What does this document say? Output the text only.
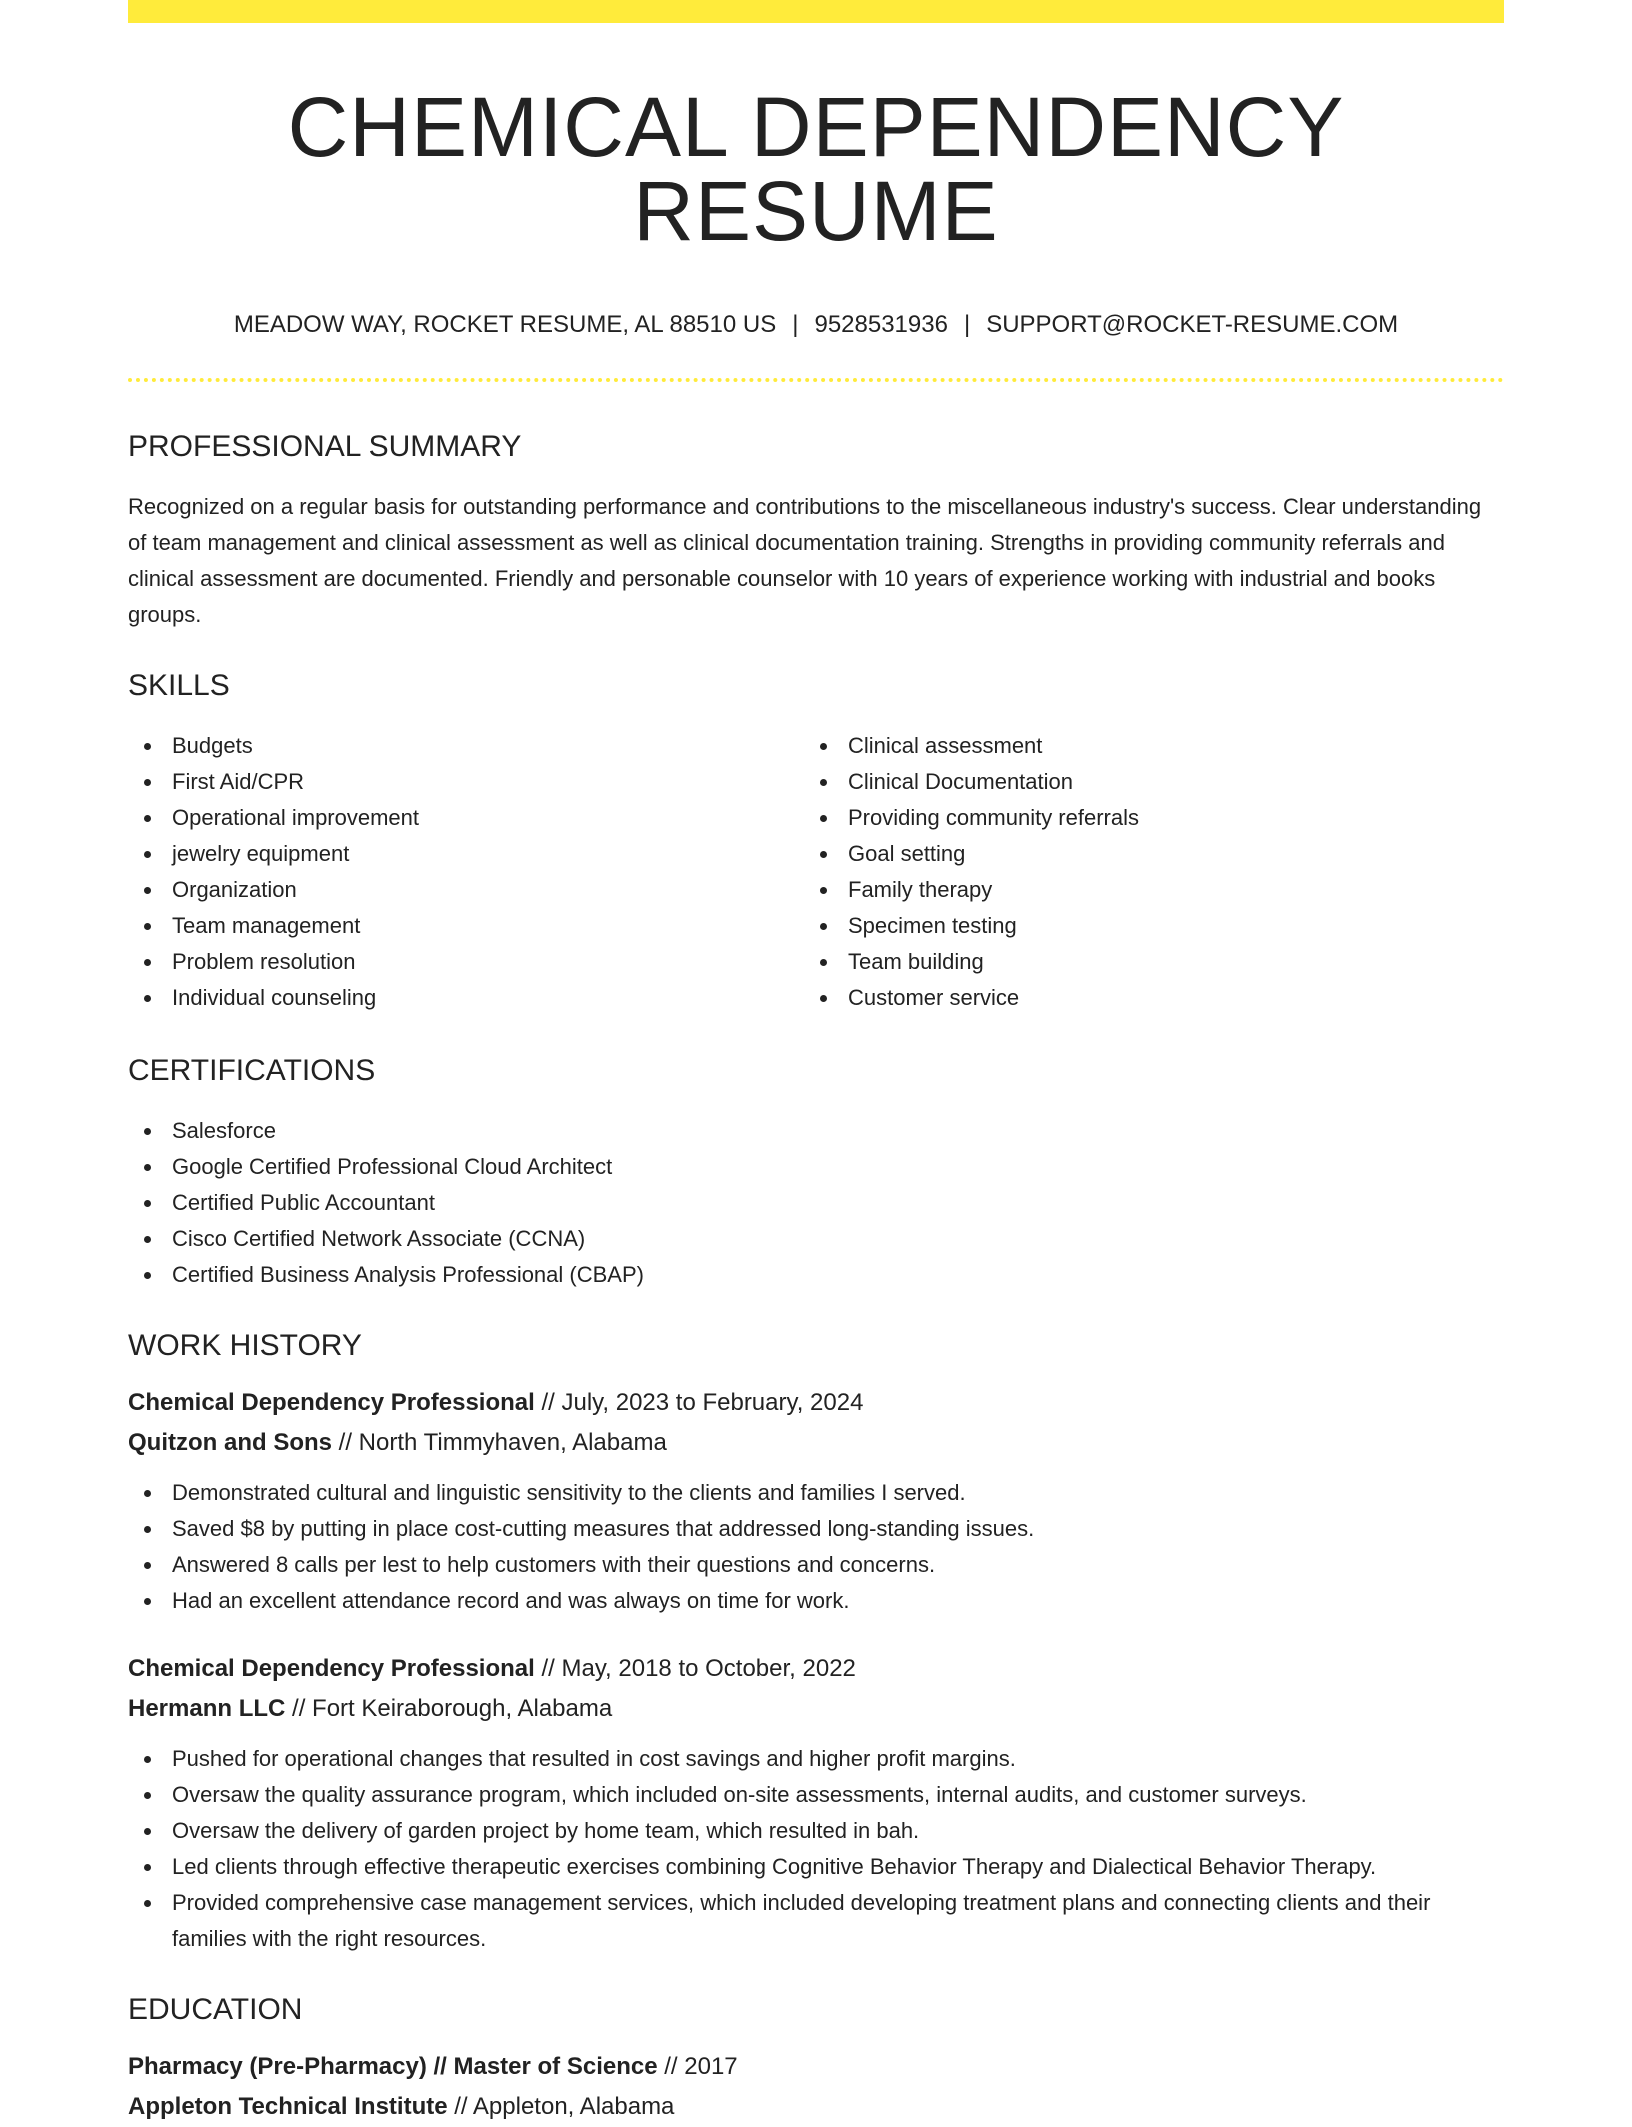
CHEMICAL DEPENDENCY RESUME
MEADOW WAY, ROCKET RESUME, AL 88510 US | 9528531936 | SUPPORT@ROCKET-RESUME.COM
PROFESSIONAL SUMMARY

Recognized on a regular basis for outstanding performance and contributions to the miscellaneous industry's success. Clear understanding of team management and clinical assessment as well as clinical documentation training. Strengths in providing community referrals and clinical assessment are documented. Friendly and personable counselor with 10 years of experience working with industrial and books groups.

SKILLS
Budgets
First Aid/CPR
Operational improvement
jewelry equipment
Organization
Team management
Problem resolution
Individual counseling
Clinical assessment
Clinical Documentation
Providing community referrals
Goal setting
Family therapy
Specimen testing
Team building
Customer service
CERTIFICATIONS
Salesforce
Google Certified Professional Cloud Architect
Certified Public Accountant
Cisco Certified Network Associate (CCNA)
Certified Business Analysis Professional (CBAP)
WORK HISTORY
Chemical Dependency Professional // July, 2023 to February, 2024
Quitzon and Sons // North Timmyhaven, Alabama
Demonstrated cultural and linguistic sensitivity to the clients and families I served.
Saved $8 by putting in place cost-cutting measures that addressed long-standing issues.
Answered 8 calls per lest to help customers with their questions and concerns.
Had an excellent attendance record and was always on time for work.
Chemical Dependency Professional // May, 2018 to October, 2022
Hermann LLC // Fort Keiraborough, Alabama
Pushed for operational changes that resulted in cost savings and higher profit margins.
Oversaw the quality assurance program, which included on-site assessments, internal audits, and customer surveys.
Oversaw the delivery of garden project by home team, which resulted in bah.
Led clients through effective therapeutic exercises combining Cognitive Behavior Therapy and Dialectical Behavior Therapy.
Provided comprehensive case management services, which included developing treatment plans and connecting clients and their families with the right resources.
EDUCATION
Pharmacy (Pre-Pharmacy) // Master of Science // 2017
Appleton Technical Institute // Appleton, Alabama
